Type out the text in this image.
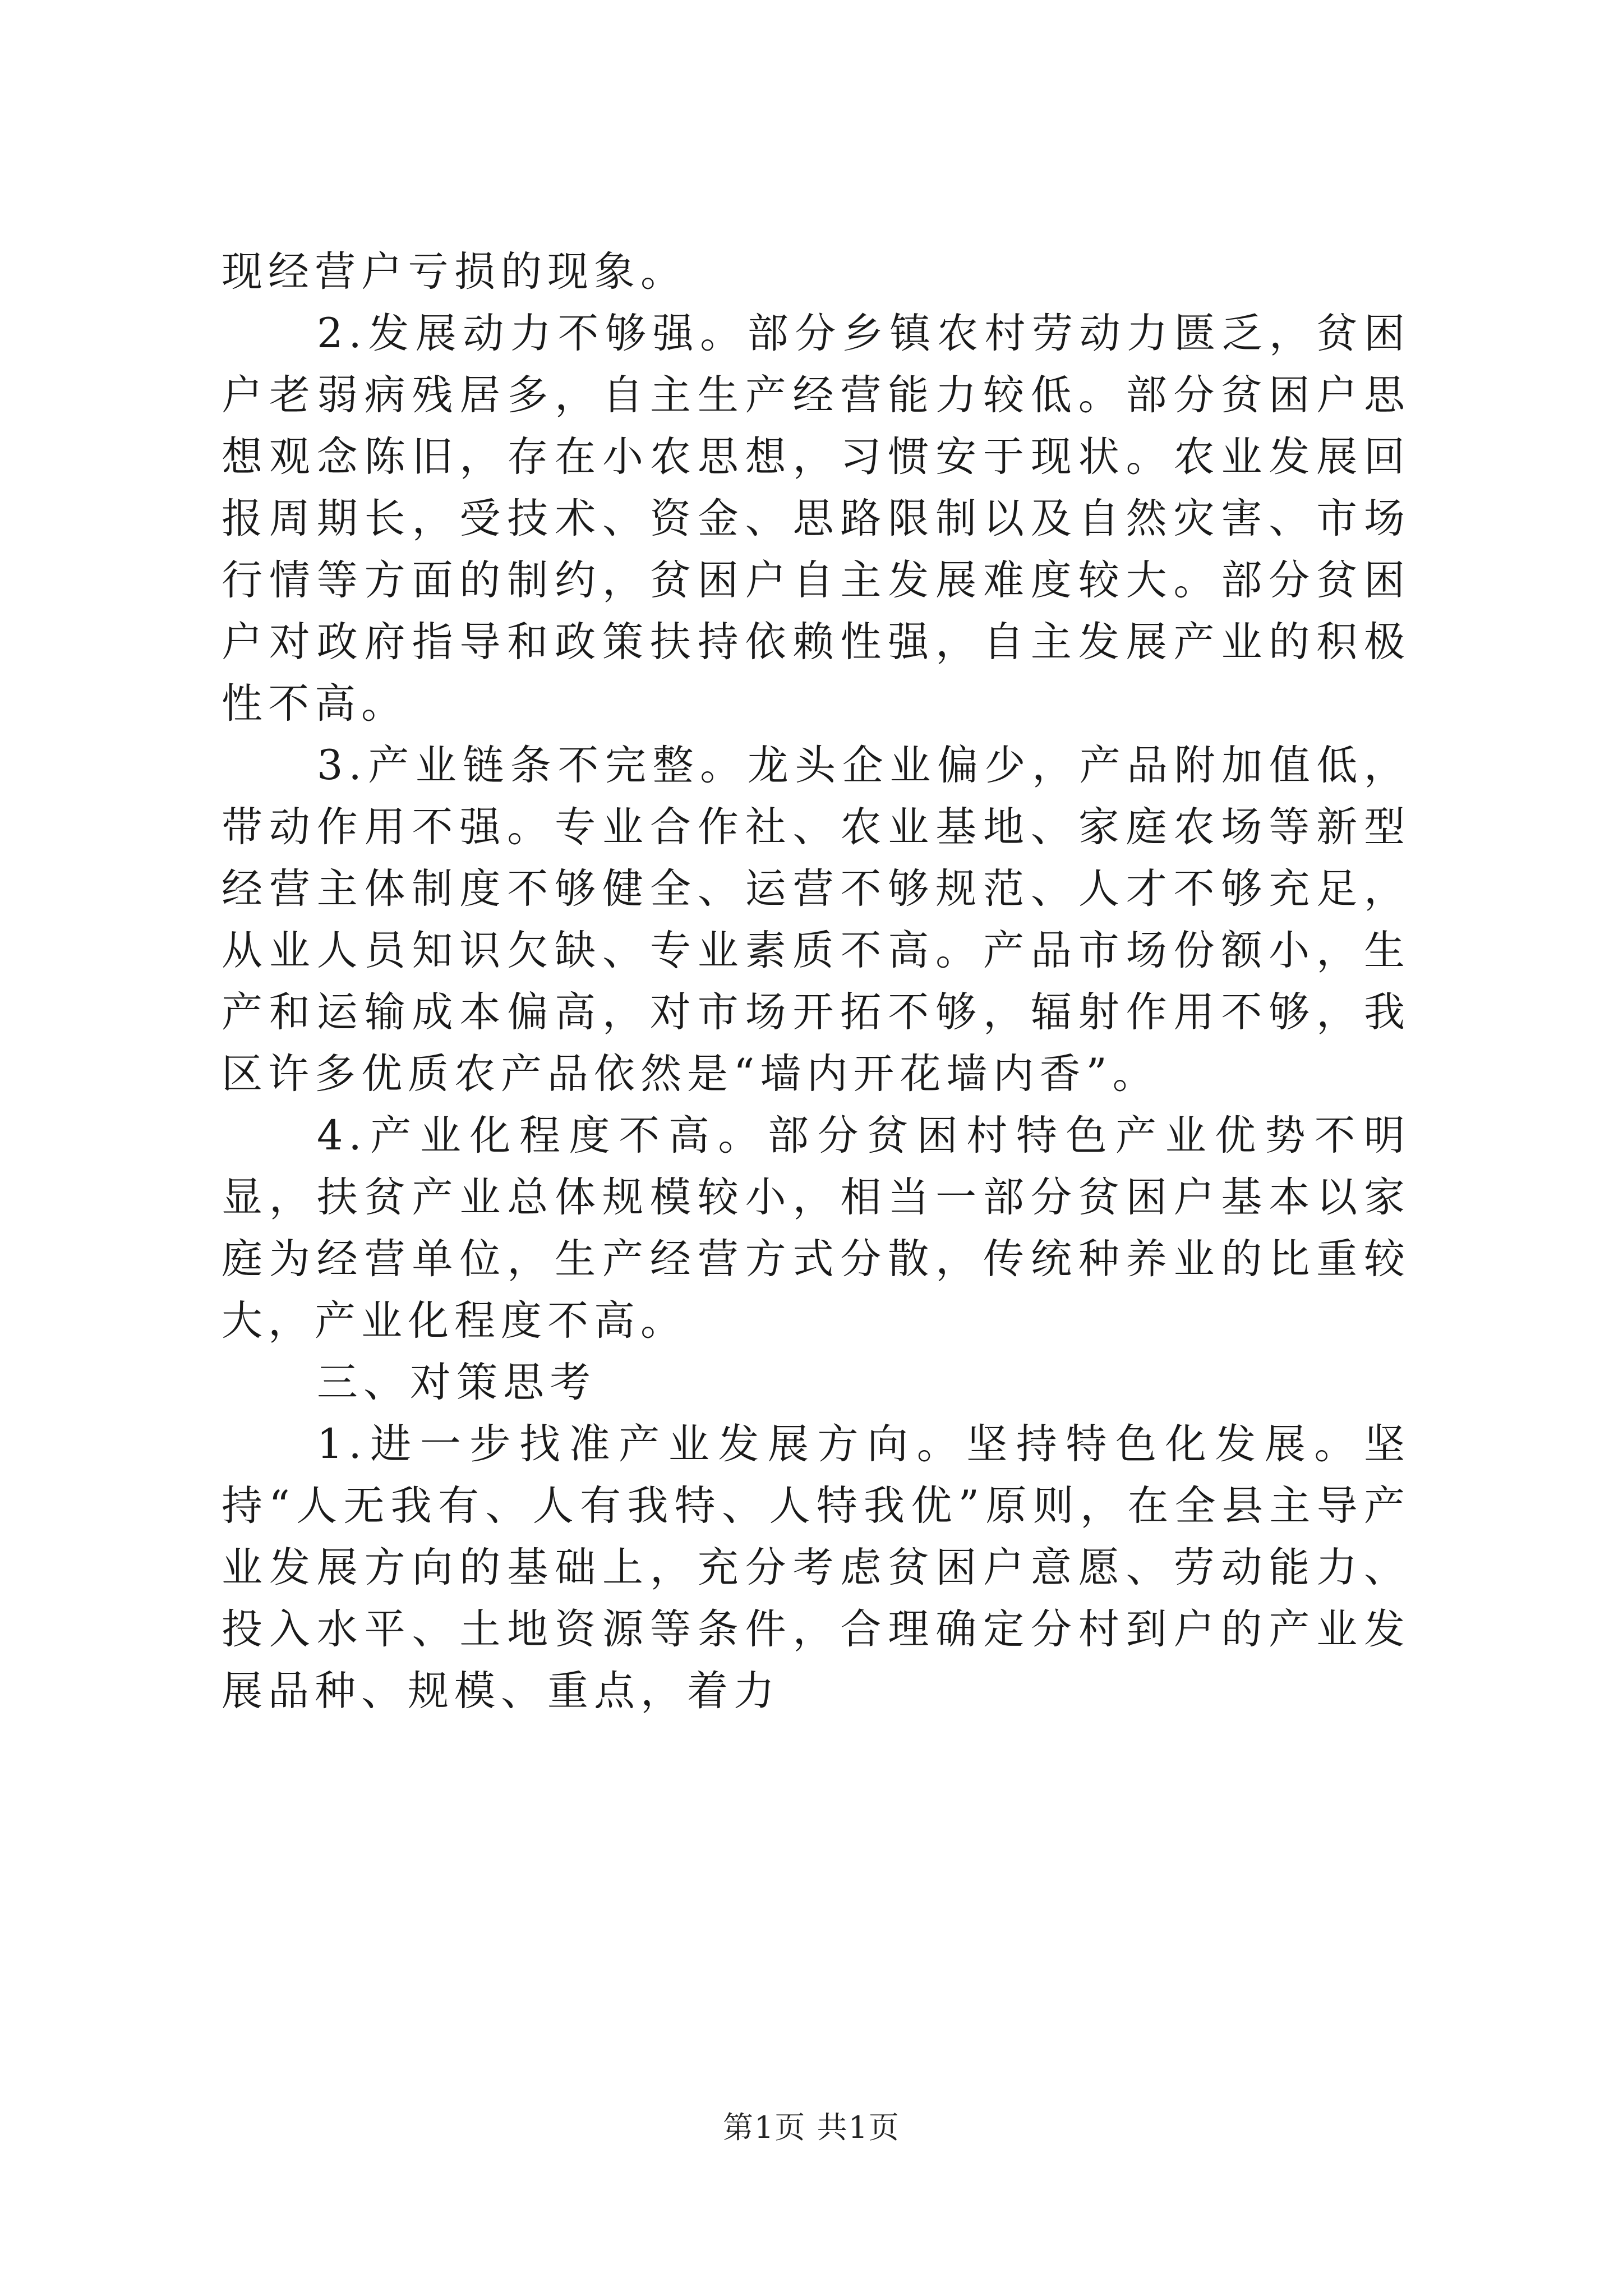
现经营户亏损的现象。

2.发展动力不够强。部分乡镇农村劳动力匮乏，贫困户老弱病残居多，自主生产经营能力较低。部分贫困户思想观念陈旧，存在小农思想，习惯安于现状。农业发展回报周期长，受技术、资金、思路限制以及自然灾害、市场行情等方面的制约，贫困户自主发展难度较大。部分贫困户对政府指导和政策扶持依赖性强，自主发展产业的积极性不高。

3.产业链条不完整。龙头企业偏少，产品附加值低，带动作用不强。专业合作社、农业基地、家庭农场等新型经营主体制度不够健全、运营不够规范、人才不够充足，从业人员知识欠缺、专业素质不高。产品市场份额小，生产和运输成本偏高，对市场开拓不够，辐射作用不够，我区许多优质农产品依然是“墙内开花墙内香”。

4.产业化程度不高。部分贫困村特色产业优势不明显，扶贫产业总体规模较小，相当一部分贫困户基本以家庭为经营单位，生产经营方式分散，传统种养业的比重较大，产业化程度不高。

三、对策思考

1.进一步找准产业发展方向。坚持特色化发展。坚持“人无我有、人有我特、人特我优”原则，在全县主导产业发展方向的基础上，充分考虑贫困户意愿、劳动能力、投入水平、土地资源等条件，合理确定分村到户的产业发展品种、规模、重点，着力

第1页 共1页
